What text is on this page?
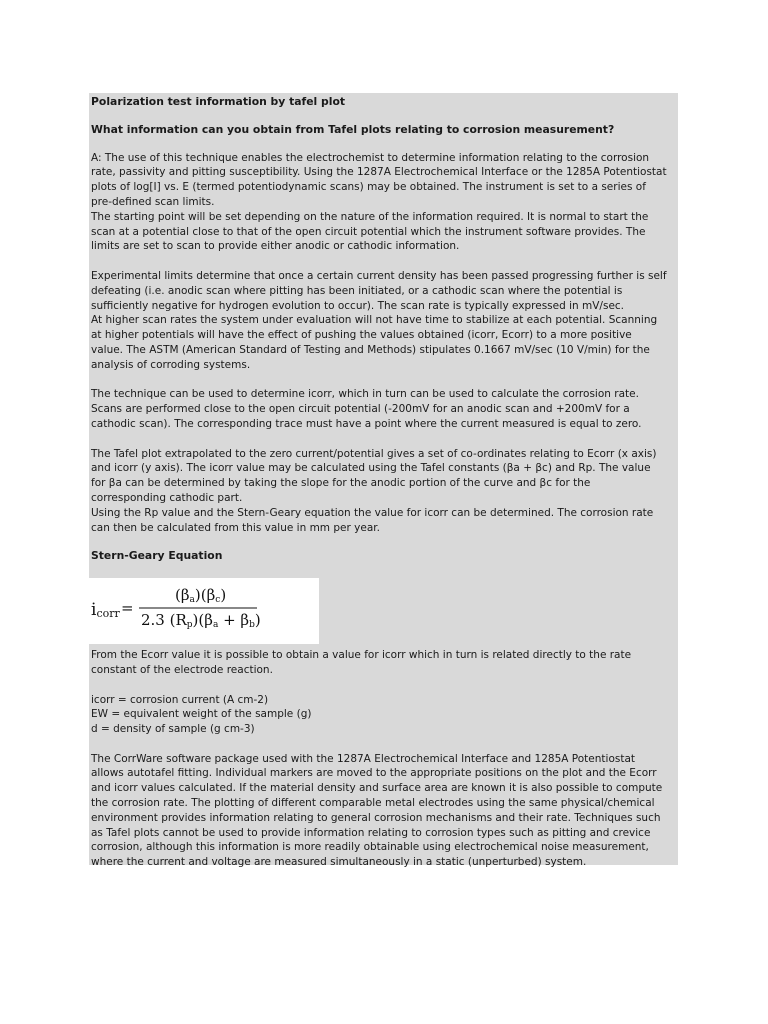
Polarization test information by tafel plot

What information can you obtain from Tafel plots relating to corrosion measurement?

A: The use of this technique enables the electrochemist to determine information relating to the corrosion

rate, passivity and pitting susceptibility. Using the 1287A Electrochemical Interface or the 1285A Potentiostat

plots of log[I] vs. E (termed potentiodynamic scans) may be obtained. The instrument is set to a series of

pre-defined scan limits.

The starting point will be set depending on the nature of the information required. It is normal to start the

scan at a potential close to that of the open circuit potential which the instrument software provides. The

limits are set to scan to provide either anodic or cathodic information.

Experimental limits determine that once a certain current density has been passed progressing further is self

defeating (i.e. anodic scan where pitting has been initiated, or a cathodic scan where the potential is

sufficiently negative for hydrogen evolution to occur). The scan rate is typically expressed in mV/sec.

At higher scan rates the system under evaluation will not have time to stabilize at each potential. Scanning

at higher potentials will have the effect of pushing the values obtained (icorr, Ecorr) to a more positive

value. The ASTM (American Standard of Testing and Methods) stipulates 0.1667 mV/sec (10 V/min) for the

analysis of corroding systems.

The technique can be used to determine icorr, which in turn can be used to calculate the corrosion rate.

Scans are performed close to the open circuit potential (-200mV for an anodic scan and +200mV for a

cathodic scan). The corresponding trace must have a point where the current measured is equal to zero.

The Tafel plot extrapolated to the zero current/potential gives a set of co-ordinates relating to Ecorr (x axis)

and icorr (y axis). The icorr value may be calculated using the Tafel constants (βa + βc) and Rp. The value

for βa can be determined by taking the slope for the anodic portion of the curve and βc for the

corresponding cathodic part.

Using the Rp value and the Stern-Geary equation the value for icorr can be determined. The corrosion rate

can then be calculated from this value in mm per year.

Stern-Geary Equation

icorr =
(βa)(βc)
2.3 (Rp)(βa + βb)

From the Ecorr value it is possible to obtain a value for icorr which in turn is related directly to the rate

constant of the electrode reaction.

icorr = corrosion current (A cm-2)

EW = equivalent weight of the sample (g)

d = density of sample (g cm-3)

The CorrWare software package used with the 1287A Electrochemical Interface and 1285A Potentiostat

allows autotafel fitting. Individual markers are moved to the appropriate positions on the plot and the Ecorr

and icorr values calculated. If the material density and surface area are known it is also possible to compute

the corrosion rate. The plotting of different comparable metal electrodes using the same physical/chemical

environment provides information relating to general corrosion mechanisms and their rate. Techniques such

as Tafel plots cannot be used to provide information relating to corrosion types such as pitting and crevice

corrosion, although this information is more readily obtainable using electrochemical noise measurement,

where the current and voltage are measured simultaneously in a static (unperturbed) system.
